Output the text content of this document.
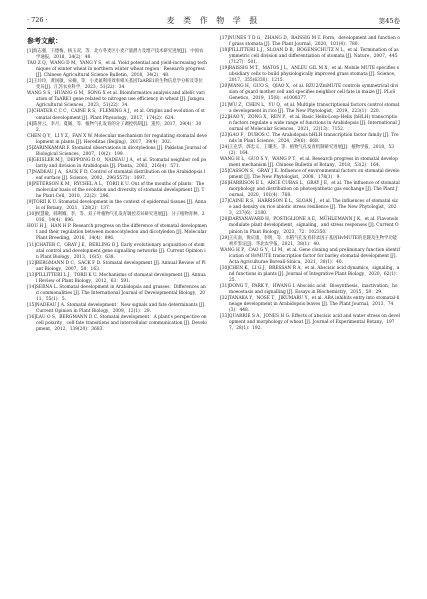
· 726 ·	麦 类 作 物 学 报	第45卷
参考文献：

[1]海志强，王德梅，杨玉双，等．北方冬麦区小麦产量潜力及增产技术研究进展[J]．中国农学通报，2018，34(2)：48．

TAO Z Q，WANG D M，YANG Y S，et al. Yield potential and yield-increasing techniques of winter wheat in northern winter wheat region：Research progress [J]. Chinese Agricultural Science Bulletin，2018，34(2)：48.

[2]王玲玲，黄国敏，宋楠，等．小麦氮利用效率相关基因TaARE1的生物信息学分析及等位变异[J]．江苏农业科学，2023，51(22)：34．

WANG S S，HUANG G M，SONG X et al. Bioinformatics analysis and allelic variation of TaARE1 gene related to nitrogen use efficiency in wheat [J]. Jiangsu Agricultural Sciences，2023，51(22)：34.

[3]CHATER C C C，CAINE R S，FLEMING A J，et al. Origins and evolution of stomatal development [J]. Plant Physiology，2017，174(2)：624.

[4]陈誉云，李月，夏佩，等．植物气孔发育的分子调控机制[J]．遗传，2017，39(4)：302．

CHEN Q Y，LI Y Z，FAN X W. Molecular mechanism for regulating stomatal development in plants [J]. Hereditas (Beijing)，2017，39(4)：302.

[5]ZARINKAMAR F. Stomatal observations in dicotyledons [J]. Pakistan Journal of Biological Sciences，2007，10(2)：199.

[6]GEISLER M J，DEPPONG D O，NADEAU J A，et al. Stomatal neighbor cell polarity and division in Arabidopsis [J]. Planta，2003，216(4)：571.

[7]NADEAU J A，SACK F D. Control of stomatal distribution on the Arabidopsis leaf surface [J]. Science，2002，296(5573)：1697.

[8]PETERSON K M，RYCHEL A L，TORII K U. Out of the mouths of plants：The molecular basis of the evolution and diversity of stomatal development [J]. The Plant Cell，2010，22(2)：296.

[9]TORII K U. Stomatal development in the context of epidermal tissues [J]. Annals of Botany，2021，128(2)：137.

[10]侯慧敏，韩利娜，李，等．双子叶植物气孔发育调控差异研究进展[J]．分子植物育种，2016，14(4)：896．

HOU H J，HAN H P. Research progress on the difference of stomatal development and their regulation between monocotyledon and dicotyledon [J]. Molecular Plant Breeding，2016，14(4)：896.

[11]CHATER C，GRAY J E，BERLING D J. Early evolutionary acquisition of stomatal control and development gene signalling networks [J]. Current Opinion in Plant Biology，2013，16(5)：638.

[12]BERGMANN D C，SACK F D. Stomatal development [J]. Annual Review of Plant Biology，2007，58：163.

[13]PILLITTERI L J，TORII K U. Mechanisms of stomatal development [J]. Annual Review of Plant Biology，2012，63：591.

[14]SERNA L. Stomatal development in Arabidopsis and grasses：Differences and commonalities [J]. The International Journal of Developmental Biology，2011，55(1)：5.

[15]NADEAU J A. Stomatal development：New signals and fate determinants [J]. Current Opinion in Plant Biology，2009，12(1)：29.

[16]LAU O S，BERGMANN D C. Stomatal development：A plant's perspective on cell polarity，cell fate transitions and intercellular communication [J]. Development，2012，139(20)：3683.

[17]NUNES T D G，ZHANG D，RAISSIG M T. Form，development and function of grass stomata [J]. The Plant Journal，2020，101(4)：780.

[18]PILLITTERI L J，SLOAN D B，BOGENSCHUTZ N L，et al. Termination of asymmetric cell division and differentiation of stomata [J]. Nature，2007，445(7127)：501.

[19]RAISSIG M T，MATOS J L，ANLEU GIL M X，et al. Mobile MUTE specifies subsidiary cells to build physiologically improved grass stomata [J]. Science，2017，355(6330)：1215.

[20]WANG H，GUO S，QIAO X，et al. BZU2/ZmMUTE controls symmetrical division of guard mother cell and specifies neighbor cell fate in maize [J]. PLoS Genetics，2019，15(8)：e1008377.

[21]WU Z，CHEN L，YU Q，et al. Multiple transcriptional factors control stomata development in rice [J]. The New Phytologist，2019，223(1)：220.

[22]HAO Y，ZONG X，REN P，et al. Basic Helix-Loop-Helix (bHLH) transcription factors regulate a wide range of functions in Arabidopsis [J]. International Journal of Molecular Sciences，2021，22(13)：7152.

[23]GAO F，DUBOS C. The Arabidopsis bHLH transcription factor family [J]. Trends in Plant Science，2024，29(6)：668.

[24]王克华，郭忠义，王耀杰，等．植物气孔发育机制研究进展[J]．植物学报，2018，53(2)：164．

WANG H L，GUO S Y，WANG P T，et al. Research progress in stomatal development mechanism [J]. Chinese Bulletin of Botany，2018，53(2)：164.

[25]CASSON S，GRAY J E. Influence of environmental factors on stomatal development [J]. The New Phytologist，2008，178(1)：9.

[26]HARRISON E L，ARCE CUBAS L，GRAY J E，et al. The influence of stomatal morphology and distribution on photosynthetic gas exchange [J]. The Plant Journal，2020，101(4)：768.

[27]CAINE R S，HARRISON E L，SLOAN J，et al. The influences of stomatal size and density on rice abiotic stress resilience [J]. The New Phytologist，2023，237(6)：2180.

[28]DARYANAVARD H，POSTIGLIONE A E，MÜHLEMANN J K，et al. Flavonols modulate plant development，signaling，and stress responses [J]. Current Opinion in Plant Biology，2023，72：102350.

[29]王庆南，黄庆康，李明，等．水稻气孔发育转录因子基因HvMUTE的克隆及生物学功能初步鉴定[J]．华北农学报，2021，38(1)：40．

WANG H P，CAO G Y，LI M，et al. Gene cloning and preliminary function identification of HvMUTE transcription factor for barley stomatal development [J]. Acta Agriculturae Boreali-Sinica，2021，38(1)：40.

[30]CHEN K，LI G J，BRESSAN R A，et al. Abscisic acid dynamics，signaling，and functions in plants [J]. Journal of Integrative Plant Biology，2020，62(1)：25.

[31]DONG T，PARK Y，HWANG I. Abscisic acid：Biosynthesis，inactivation，homoeostasis and signalling [J]. Essays in Biochemistry，2015，58：29.

[32]TANAKA Y，NOSE T，JIKUMARU Y，et al. ABA inhibits entry into stomatal-lineage development in Arabidopsis leaves [J]. The Plant Journal，2013，74(3)：448.

[33]QUARRIE S A，JONES H G. Effects of abscisic acid and water stress on development and morphology of wheat [J]. Journal of Experimental Botany，1977，28(1)：192.
